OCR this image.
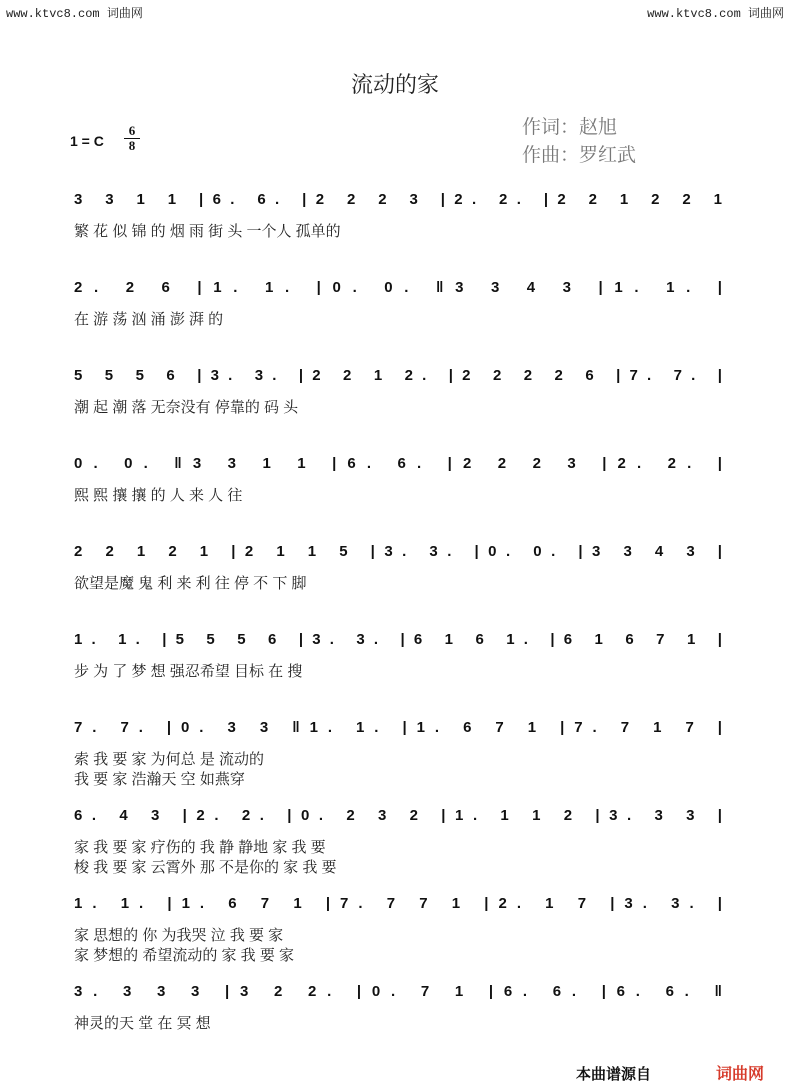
www.ktvc8.com 词曲网	www.ktvc8.com 词曲网
流动的家
1 = C
6
8
作词：赵旭
作曲：罗红武
3 3 1 1 |6. 6. |2 2 2 3 |2. 2. |2 2 1 2 2 1
繁 花 似 锦 的 烟 雨 街 头 一个人 孤单的
2. 2 6 |1. 1. |0. 0. ‖3 3 4 3 |1. 1. |
在 游 荡 汹 涌 澎 湃 的
5 5 5 6 |3. 3. |2 2 1 2. |2 2 2 2 6 |7. 7. |
潮 起 潮 落 无奈没有 停靠的 码 头
0. 0. ‖3 3 1 1 |6. 6. |2 2 2 3 |2. 2. |
熙 熙 攘 攘 的 人 来 人 往
2 2 1 2 1 |2 1 1 5 |3. 3. |0. 0. |3 3 4 3 |
欲望是魔 鬼 利 来 利 往 停 不 下 脚
1. 1. |5 5 5 6 |3. 3. |6 1 6 1. |6 1 6 7 1 |
步 为 了 梦 想 强忍希望 目标 在 搜
7. 7. |0. 3 3 ‖1. 1. |1. 6 7 1 |7. 7 1 7 |
索 我 要 家 为何总 是 流动的
我 要 家 浩瀚天 空 如燕穿
6. 4 3 |2. 2. |0. 2 3 2 |1. 1 1 2 |3. 3 3 |
家 我 要 家 疗伤的 我 静 静地 家 我 要
梭 我 要 家 云霄外 那 不是你的 家 我 要
1. 1. |1. 6 7 1 |7. 7 7 1 |2. 1 7 |3. 3. |
家 思想的 你 为我哭 泣 我 要 家
家 梦想的 希望流动的 家 我 要 家
3. 3 3 3 |3 2 2. |0. 7 1 |6. 6. |6. 6. ‖
神灵的天 堂 在 冥 想
本曲谱源自	词曲网
